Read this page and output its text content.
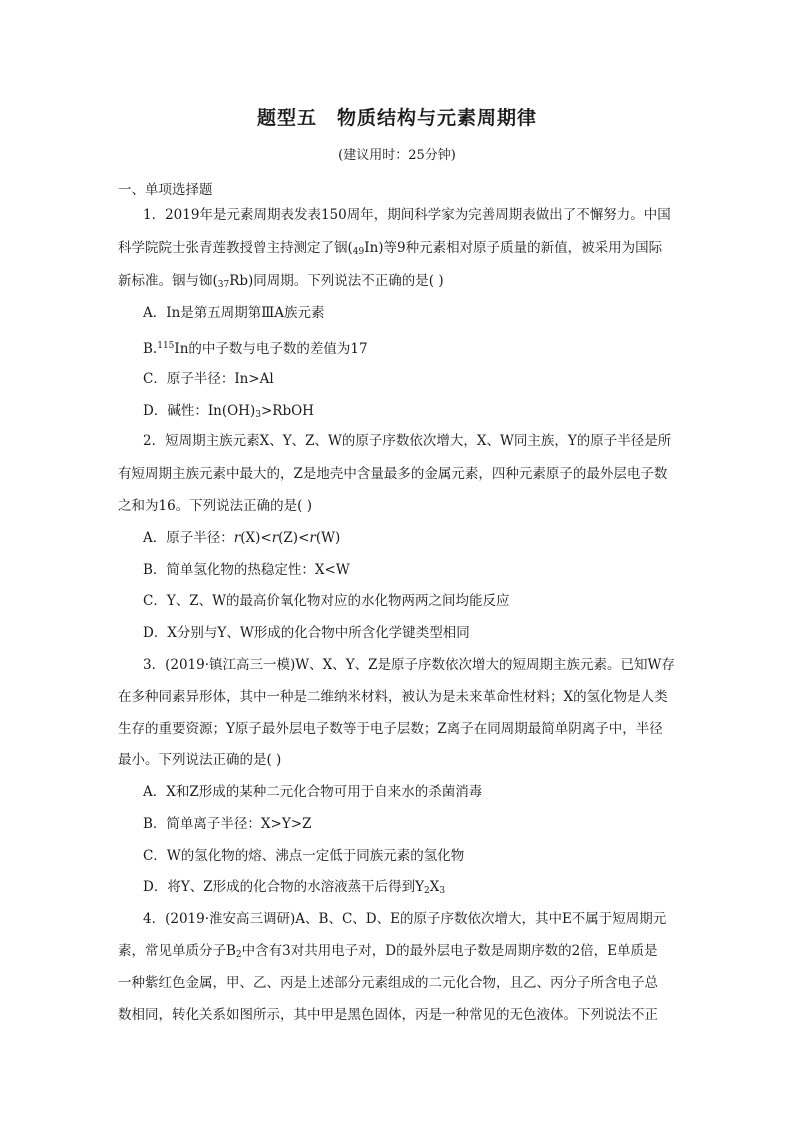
题型五 物质结构与元素周期律
(建议用时：25分钟)
一、单项选择题
1．2019年是元素周期表发表150周年，期间科学家为完善周期表做出了不懈努力。中国
科学院院士张青莲教授曾主持测定了铟$(_{49}In)$等9种元素相对原子质量的新值，被采用为国际
新标准。铟与铷$(_{37}Rb)$同周期。下列说法不正确的是( )
A．In是第五周期第ⅢA族元素
B.$^{115}$In的中子数与电子数的差值为17
C．原子半径：In>Al
D．碱性：$In(OH)_3>RbOH$
2．短周期主族元素X、Y、Z、W的原子序数依次增大，X、W同主族，Y的原子半径是所
有短周期主族元素中最大的，Z是地壳中含量最多的金属元素，四种元素原子的最外层电子数
之和为16。下列说法正确的是( )
A．原子半径：r(X)<r(Z)<r(W)
B．简单氢化物的热稳定性：X<W
C．Y、Z、W的最高价氧化物对应的水化物两两之间均能反应
D．X分别与Y、W形成的化合物中所含化学键类型相同
3．(2019·镇江高三一模)W、X、Y、Z是原子序数依次增大的短周期主族元素。已知W存
在多种同素异形体，其中一种是二维纳米材料，被认为是未来革命性材料；X的氢化物是人类
生存的重要资源；Y原子最外层电子数等于电子层数；Z离子在同周期最简单阴离子中，半径
最小。下列说法正确的是( )
A．X和Z形成的某种二元化合物可用于自来水的杀菌消毒
B．简单离子半径：X>Y>Z
C．W的氢化物的熔、沸点一定低于同族元素的氢化物
D．将Y、Z形成的化合物的水溶液蒸干后得到$Y_2X_3$
4．(2019·淮安高三调研)A、B、C、D、E的原子序数依次增大，其中E不属于短周期元
素，常见单质分子$B_2$中含有3对共用电子对，D的最外层电子数是周期序数的2倍，E单质是
一种紫红色金属，甲、乙、丙是上述部分元素组成的二元化合物，且乙、丙分子所含电子总
数相同，转化关系如图所示，其中甲是黑色固体，丙是一种常见的无色液体。下列说法不正
